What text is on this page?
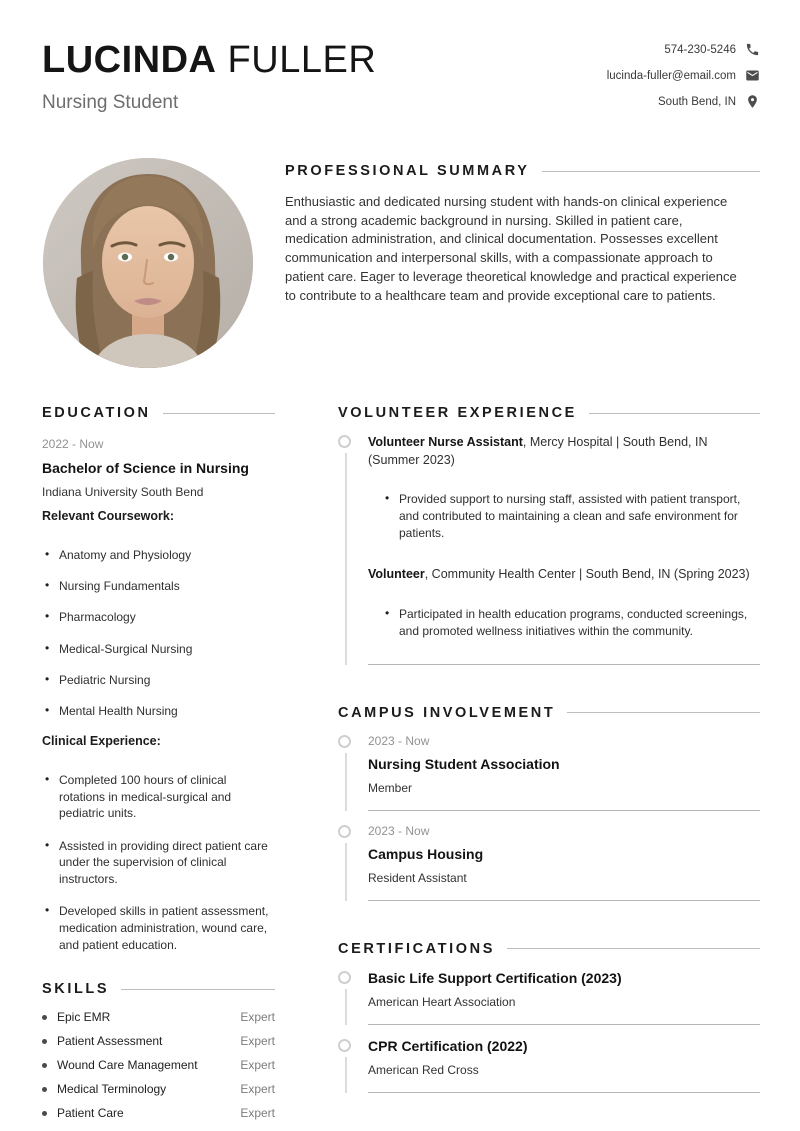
LUCINDA FULLER
Nursing Student
574-230-5246
lucinda-fuller@email.com
South Bend, IN
PROFESSIONAL SUMMARY

Enthusiastic and dedicated nursing student with hands-on clinical experience and a strong academic background in nursing. Skilled in patient care, medication administration, and clinical documentation. Possesses excellent communication and interpersonal skills, with a compassionate approach to patient care. Eager to leverage theoretical knowledge and practical experience to contribute to a healthcare team and provide exceptional care to patients.

EDUCATION
2022 - Now
Bachelor of Science in Nursing
Indiana University South Bend
Relevant Coursework:
• Anatomy and Physiology
• Nursing Fundamentals
• Pharmacology
• Medical-Surgical Nursing
• Pediatric Nursing
• Mental Health Nursing
Clinical Experience:
• Completed 100 hours of clinical rotations in medical-surgical and pediatric units.
• Assisted in providing direct patient care under the supervision of clinical instructors.
• Developed skills in patient assessment, medication administration, wound care, and patient education.
SKILLS
Epic EMR	Expert
Patient Assessment	Expert
Wound Care Management	Expert
Medical Terminology	Expert
Patient Care	Expert
VOLUNTEER EXPERIENCE

Volunteer Nurse Assistant, Mercy Hospital | South Bend, IN (Summer 2023)

• Provided support to nursing staff, assisted with patient transport, and contributed to maintaining a clean and safe environment for patients.

Volunteer, Community Health Center | South Bend, IN (Spring 2023)

• Participated in health education programs, conducted screenings, and promoted wellness initiatives within the community.
CAMPUS INVOLVEMENT
2023 - Now
Nursing Student Association
Member
2023 - Now
Campus Housing
Resident Assistant
CERTIFICATIONS
Basic Life Support Certification (2023)
American Heart Association
CPR Certification (2022)
American Red Cross
